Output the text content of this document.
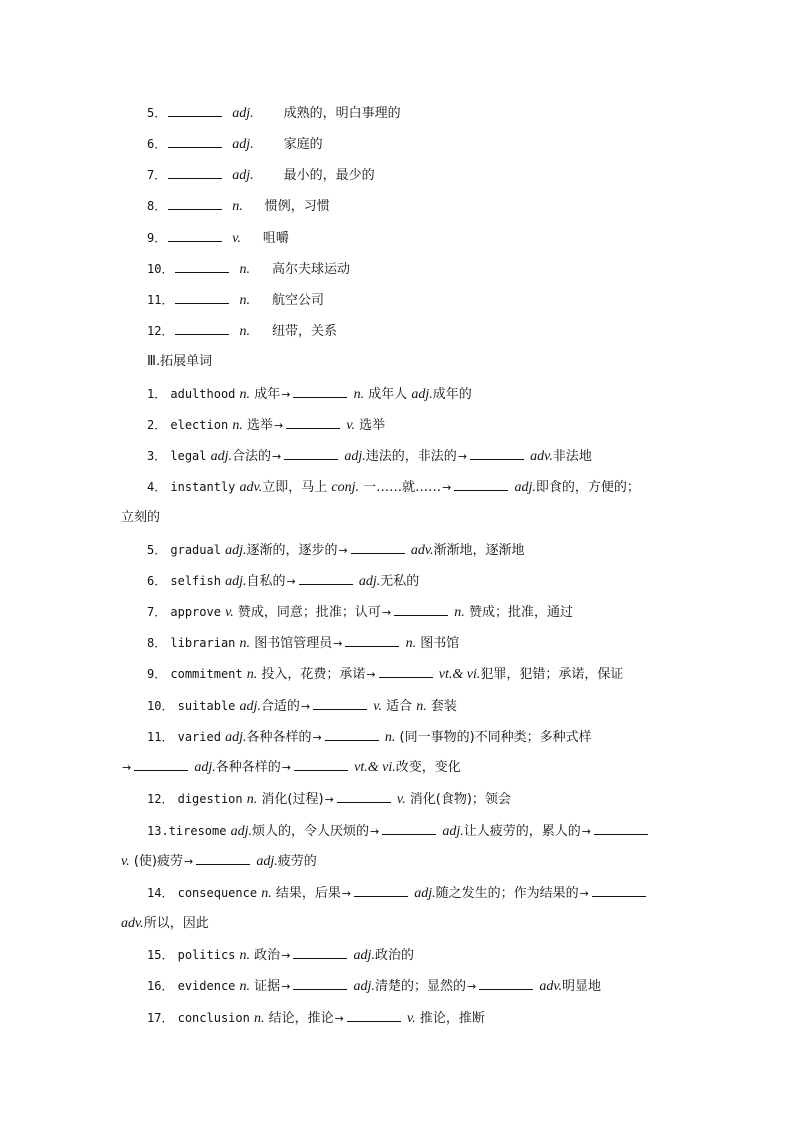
5．	adj. 成熟的，明白事理的
6．	adj. 家庭的
7．	adj. 最小的，最少的
8．	n. 惯例，习惯
9．	v. 咀嚼
10．	n. 高尔夫球运动
11．	n. 航空公司
12．	n. 纽带，关系
Ⅲ.拓展单词
1． adulthood n. 成年→	n. 成年人 adj.成年的
2． election n. 选举→	v. 选举
3． legal adj.合法的→	adj.违法的，非法的→	adv.非法地
4． instantly adv.立即，马上 conj. 一……就……→	adj.即食的，方便的；
立刻的
5． gradual adj.逐渐的，逐步的→	adv.渐渐地，逐渐地
6． selfish adj.自私的→	adj.无私的
7． approve v. 赞成，同意；批准；认可→	n. 赞成；批准，通过
8． librarian n. 图书馆管理员→	n. 图书馆
9． commitment n. 投入，花费；承诺→	vt.& vi.犯罪，犯错；承诺，保证
10． suitable adj.合适的→	v. 适合 n. 套装
11． varied adj.各种各样的→	n. (同一事物的)不同种类；多种式样
→	adj.各种各样的→	vt.& vi.改变，变化
12． digestion n. 消化(过程)→	v. 消化(食物)；领会
13.tiresome adj.烦人的，令人厌烦的→	adj.让人疲劳的，累人的→
v. (使)疲劳→	adj.疲劳的
14． consequence n. 结果，后果→	adj.随之发生的；作为结果的→
adv.所以，因此
15． politics n. 政治→	adj.政治的
16． evidence n. 证据→	adj.清楚的；显然的→	adv.明显地
17． conclusion n. 结论，推论→	v. 推论，推断
